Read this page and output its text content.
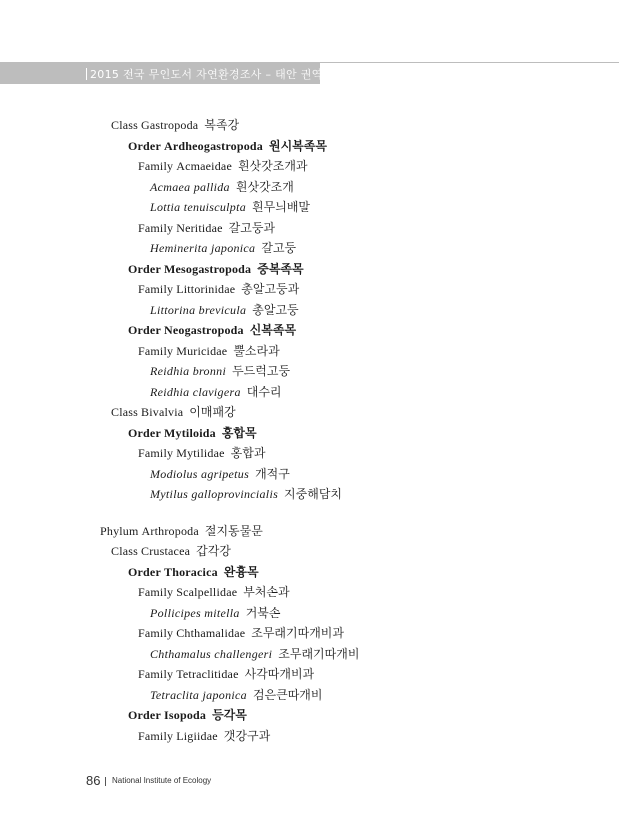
2015 전국 무인도서 자연환경조사 – 태안 권역
Class Gastropoda 복족강
Order Ardheogastropoda 원시복족목
Family Acmaeidae 흰삿갓조개과
Acmaea pallida 흰삿갓조개
Lottia tenuisculpta 흰무늬배말
Family Neritidae 갈고둥과
Heminerita japonica 갈고둥
Order Mesogastropoda 중복족목
Family Littorinidae 총알고둥과
Littorina brevicula 총알고둥
Order Neogastropoda 신복족목
Family Muricidae 뿔소라과
Reidhia bronni 두드럭고둥
Reidhia clavigera 대수리
Class Bivalvia 이매패강
Order Mytiloida 홍합목
Family Mytilidae 홍합과
Modiolus agripetus 개적구
Mytilus galloprovincialis 지중해담치
Phylum Arthropoda 절지동물문
Class Crustacea 갑각강
Order Thoracica 완흉목
Family Scalpellidae 부처손과
Pollicipes mitella 거북손
Family Chthamalidae 조무래기따개비과
Chthamalus challengeri 조무래기따개비
Family Tetraclitidae 사각따개비과
Tetraclita japonica 검은큰따개비
Order Isopoda 등각목
Family Ligiidae 갯강구과
86 National Institute of Ecology
